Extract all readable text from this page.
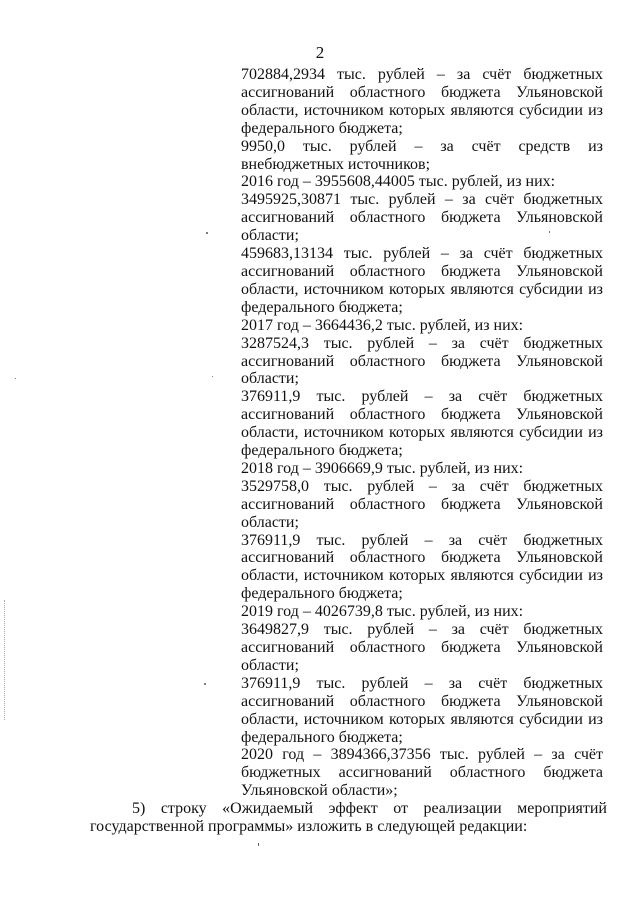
2

702884,2934 тыс. рублей – за счёт бюджетных ассигнований областного бюджета Ульяновской области, источником которых являются субсидии из федерального бюджета;

9950,0 тыс. рублей – за счёт средств из внебюджетных источников;

2016 год – 3955608,44005 тыс. рублей, из них:

3495925,30871 тыс. рублей – за счёт бюджетных ассигнований областного бюджета Ульяновской области;

459683,13134 тыс. рублей – за счёт бюджетных ассигнований областного бюджета Ульяновской области, источником которых являются субсидии из федерального бюджета;

2017 год – 3664436,2 тыс. рублей, из них:

3287524,3 тыс. рублей – за счёт бюджетных ассигнований областного бюджета Ульяновской области;

376911,9 тыс. рублей – за счёт бюджетных ассигнований областного бюджета Ульяновской области, источником которых являются субсидии из федерального бюджета;

2018 год – 3906669,9 тыс. рублей, из них:

3529758,0 тыс. рублей – за счёт бюджетных ассигнований областного бюджета Ульяновской области;

376911,9 тыс. рублей – за счёт бюджетных ассигнований областного бюджета Ульяновской области, источником которых являются субсидии из федерального бюджета;

2019 год – 4026739,8 тыс. рублей, из них:

3649827,9 тыс. рублей – за счёт бюджетных ассигнований областного бюджета Ульяновской области;

376911,9 тыс. рублей – за счёт бюджетных ассигнований областного бюджета Ульяновской области, источником которых являются субсидии из федерального бюджета;

2020 год – 3894366,37356 тыс. рублей – за счёт бюджетных ассигнований областного бюджета Ульяновской области»;

5) строку «Ожидаемый эффект от реализации мероприятий государственной программы» изложить в следующей редакции:
